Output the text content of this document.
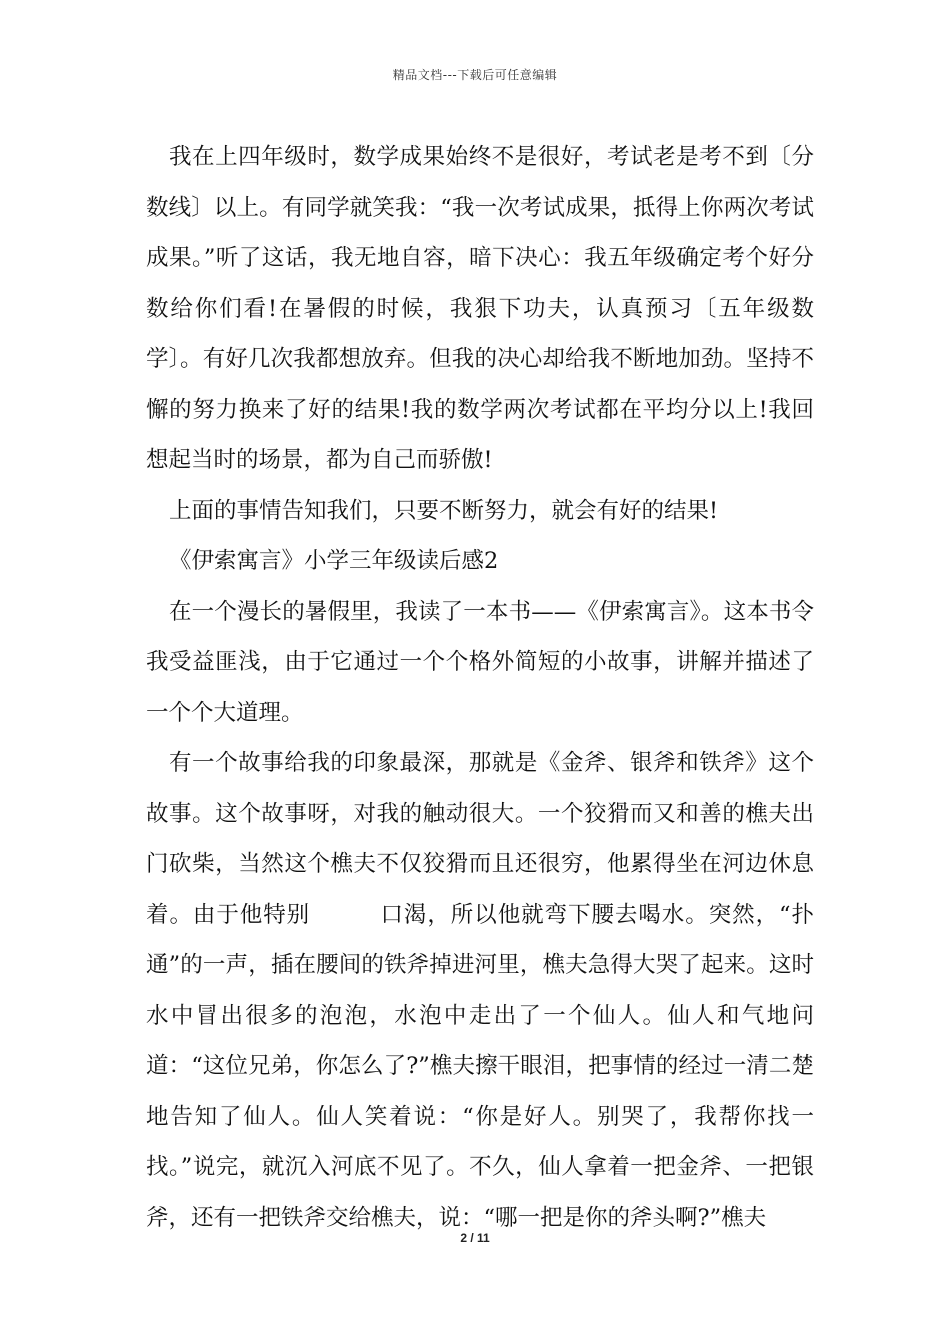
精品文档---下载后可任意编辑

我在上四年级时，数学成果始终不是很好，考试老是考不到〔分数线〕以上。有同学就笑我：“我一次考试成果，抵得上你两次考试成果。”听了这话，我无地自容，暗下决心：我五年级确定考个好分数给你们看!在暑假的时候，我狠下功夫，认真预习〔五年级数学〕。有好几次我都想放弃。但我的决心却给我不断地加劲。坚持不懈的努力换来了好的结果!我的数学两次考试都在平均分以上!我回想起当时的场景，都为自己而骄傲!

上面的事情告知我们，只要不断努力，就会有好的结果!

《伊索寓言》小学三年级读后感2

在一个漫长的暑假里，我读了一本书——《伊索寓言》。这本书令我受益匪浅，由于它通过一个个格外简短的小故事，讲解并描述了一个个大道理。

有一个故事给我的印象最深，那就是《金斧、银斧和铁斧》这个故事。这个故事呀，对我的触动很大。一个狡猾而又和善的樵夫出门砍柴，当然这个樵夫不仅狡猾而且还很穷，他累得坐在河边休息着。由于他特别　　　口渴，所以他就弯下腰去喝水。突然，“扑通”的一声，插在腰间的铁斧掉进河里，樵夫急得大哭了起来。这时水中冒出很多的泡泡，水泡中走出了一个仙人。仙人和气地问道：“这位兄弟，你怎么了?”樵夫擦干眼泪，把事情的经过一清二楚地告知了仙人。仙人笑着说：“你是好人。别哭了，我帮你找一找。”说完，就沉入河底不见了。不久，仙人拿着一把金斧、一把银斧，还有一把铁斧交给樵夫，说：“哪一把是你的斧头啊?”樵夫

2 / 11
